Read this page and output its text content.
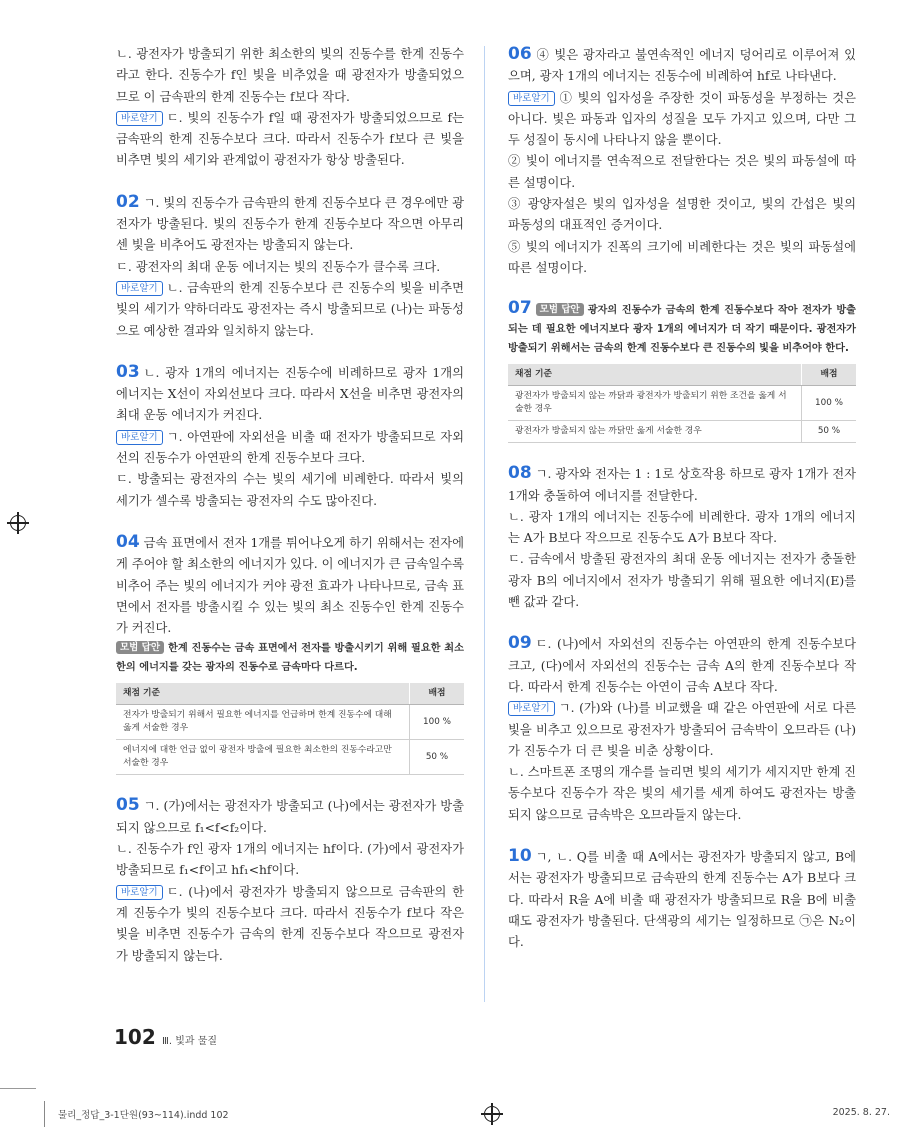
ㄴ. 광전자가 방출되기 위한 최소한의 빛의 진동수를 한계 진동수라고 한다. 진동수가 f인 빛을 비추었을 때 광전자가 방출되었으므로 이 금속판의 한계 진동수는 f보다 작다.

바로알기 ㄷ. 빛의 진동수가 f일 때 광전자가 방출되었으므로 f는 금속판의 한계 진동수보다 크다. 따라서 진동수가 f보다 큰 빛을 비추면 빛의 세기와 관계없이 광전자가 항상 방출된다.

02 ㄱ. 빛의 진동수가 금속판의 한계 진동수보다 큰 경우에만 광전자가 방출된다. 빛의 진동수가 한계 진동수보다 작으면 아무리 센 빛을 비추어도 광전자는 방출되지 않는다.

ㄷ. 광전자의 최대 운동 에너지는 빛의 진동수가 클수록 크다.

바로알기 ㄴ. 금속판의 한계 진동수보다 큰 진동수의 빛을 비추면 빛의 세기가 약하더라도 광전자는 즉시 방출되므로 (나)는 파동성으로 예상한 결과와 일치하지 않는다.

03 ㄴ. 광자 1개의 에너지는 진동수에 비례하므로 광자 1개의 에너지는 X선이 자외선보다 크다. 따라서 X선을 비추면 광전자의 최대 운동 에너지가 커진다.

바로알기 ㄱ. 아연판에 자외선을 비출 때 전자가 방출되므로 자외선의 진동수가 아연판의 한계 진동수보다 크다.

ㄷ. 방출되는 광전자의 수는 빛의 세기에 비례한다. 따라서 빛의 세기가 셀수록 방출되는 광전자의 수도 많아진다.

04 금속 표면에서 전자 1개를 튀어나오게 하기 위해서는 전자에게 주어야 할 최소한의 에너지가 있다. 이 에너지가 큰 금속일수록 비추어 주는 빛의 에너지가 커야 광전 효과가 나타나므로, 금속 표면에서 전자를 방출시킬 수 있는 빛의 최소 진동수인 한계 진동수가 커진다.

모범 답안 한계 진동수는 금속 표면에서 전자를 방출시키기 위해 필요한 최소한의 에너지를 갖는 광자의 진동수로 금속마다 다르다.

채점 기준	배점
전자가 방출되기 위해서 필요한 에너지를 언급하며 한계 진동수에 대해 옳게 서술한 경우	100 %
에너지에 대한 언급 없이 광전자 방출에 필요한 최소한의 진동수라고만 서술한 경우	50 %

05 ㄱ. (가)에서는 광전자가 방출되고 (나)에서는 광전자가 방출되지 않으므로 f₁<f<f₂이다.

ㄴ. 진동수가 f인 광자 1개의 에너지는 hf이다. (가)에서 광전자가 방출되므로 f₁<f이고 hf₁<hf이다.

바로알기 ㄷ. (나)에서 광전자가 방출되지 않으므로 금속판의 한계 진동수가 빛의 진동수보다 크다. 따라서 진동수가 f보다 작은 빛을 비추면 진동수가 금속의 한계 진동수보다 작으므로 광전자가 방출되지 않는다.

06 ④ 빛은 광자라고 불연속적인 에너지 덩어리로 이루어져 있으며, 광자 1개의 에너지는 진동수에 비례하여 hf로 나타낸다.

바로알기 ① 빛의 입자성을 주장한 것이 파동성을 부정하는 것은 아니다. 빛은 파동과 입자의 성질을 모두 가지고 있으며, 다만 그 두 성질이 동시에 나타나지 않을 뿐이다.

② 빛이 에너지를 연속적으로 전달한다는 것은 빛의 파동설에 따른 설명이다.

③ 광양자설은 빛의 입자성을 설명한 것이고, 빛의 간섭은 빛의 파동성의 대표적인 증거이다.

⑤ 빛의 에너지가 진폭의 크기에 비례한다는 것은 빛의 파동설에 따른 설명이다.

07 모범 답안 광자의 진동수가 금속의 한계 진동수보다 작아 전자가 방출되는 데 필요한 에너지보다 광자 1개의 에너지가 더 작기 때문이다. 광전자가 방출되기 위해서는 금속의 한계 진동수보다 큰 진동수의 빛을 비추어야 한다.

채점 기준	배점
광전자가 방출되지 않는 까닭과 광전자가 방출되기 위한 조건을 옳게 서술한 경우	100 %
광전자가 방출되지 않는 까닭만 옳게 서술한 경우	50 %

08 ㄱ. 광자와 전자는 1 : 1로 상호작용 하므로 광자 1개가 전자 1개와 충돌하여 에너지를 전달한다.

ㄴ. 광자 1개의 에너지는 진동수에 비례한다. 광자 1개의 에너지는 A가 B보다 작으므로 진동수도 A가 B보다 작다.

ㄷ. 금속에서 방출된 광전자의 최대 운동 에너지는 전자가 충돌한 광자 B의 에너지에서 전자가 방출되기 위해 필요한 에너지(E)를 뺀 값과 같다.

09 ㄷ. (나)에서 자외선의 진동수는 아연판의 한계 진동수보다 크고, (다)에서 자외선의 진동수는 금속 A의 한계 진동수보다 작다. 따라서 한계 진동수는 아연이 금속 A보다 작다.

바로알기 ㄱ. (가)와 (나)를 비교했을 때 같은 아연판에 서로 다른 빛을 비추고 있으므로 광전자가 방출되어 금속박이 오므라든 (나)가 진동수가 더 큰 빛을 비춘 상황이다.

ㄴ. 스마트폰 조명의 개수를 늘리면 빛의 세기가 세지지만 한계 진동수보다 진동수가 작은 빛의 세기를 세게 하여도 광전자는 방출되지 않으므로 금속박은 오므라들지 않는다.

10 ㄱ, ㄴ. Q를 비출 때 A에서는 광전자가 방출되지 않고, B에서는 광전자가 방출되므로 금속판의 한계 진동수는 A가 B보다 크다. 따라서 R을 A에 비출 때 광전자가 방출되므로 R을 B에 비출 때도 광전자가 방출된다. 단색광의 세기는 일정하므로 ㉠은 N₂이다.

102 Ⅲ. 빛과 물질
물리_정답_3-1단원(93~114).indd 102	2025. 8. 27.
